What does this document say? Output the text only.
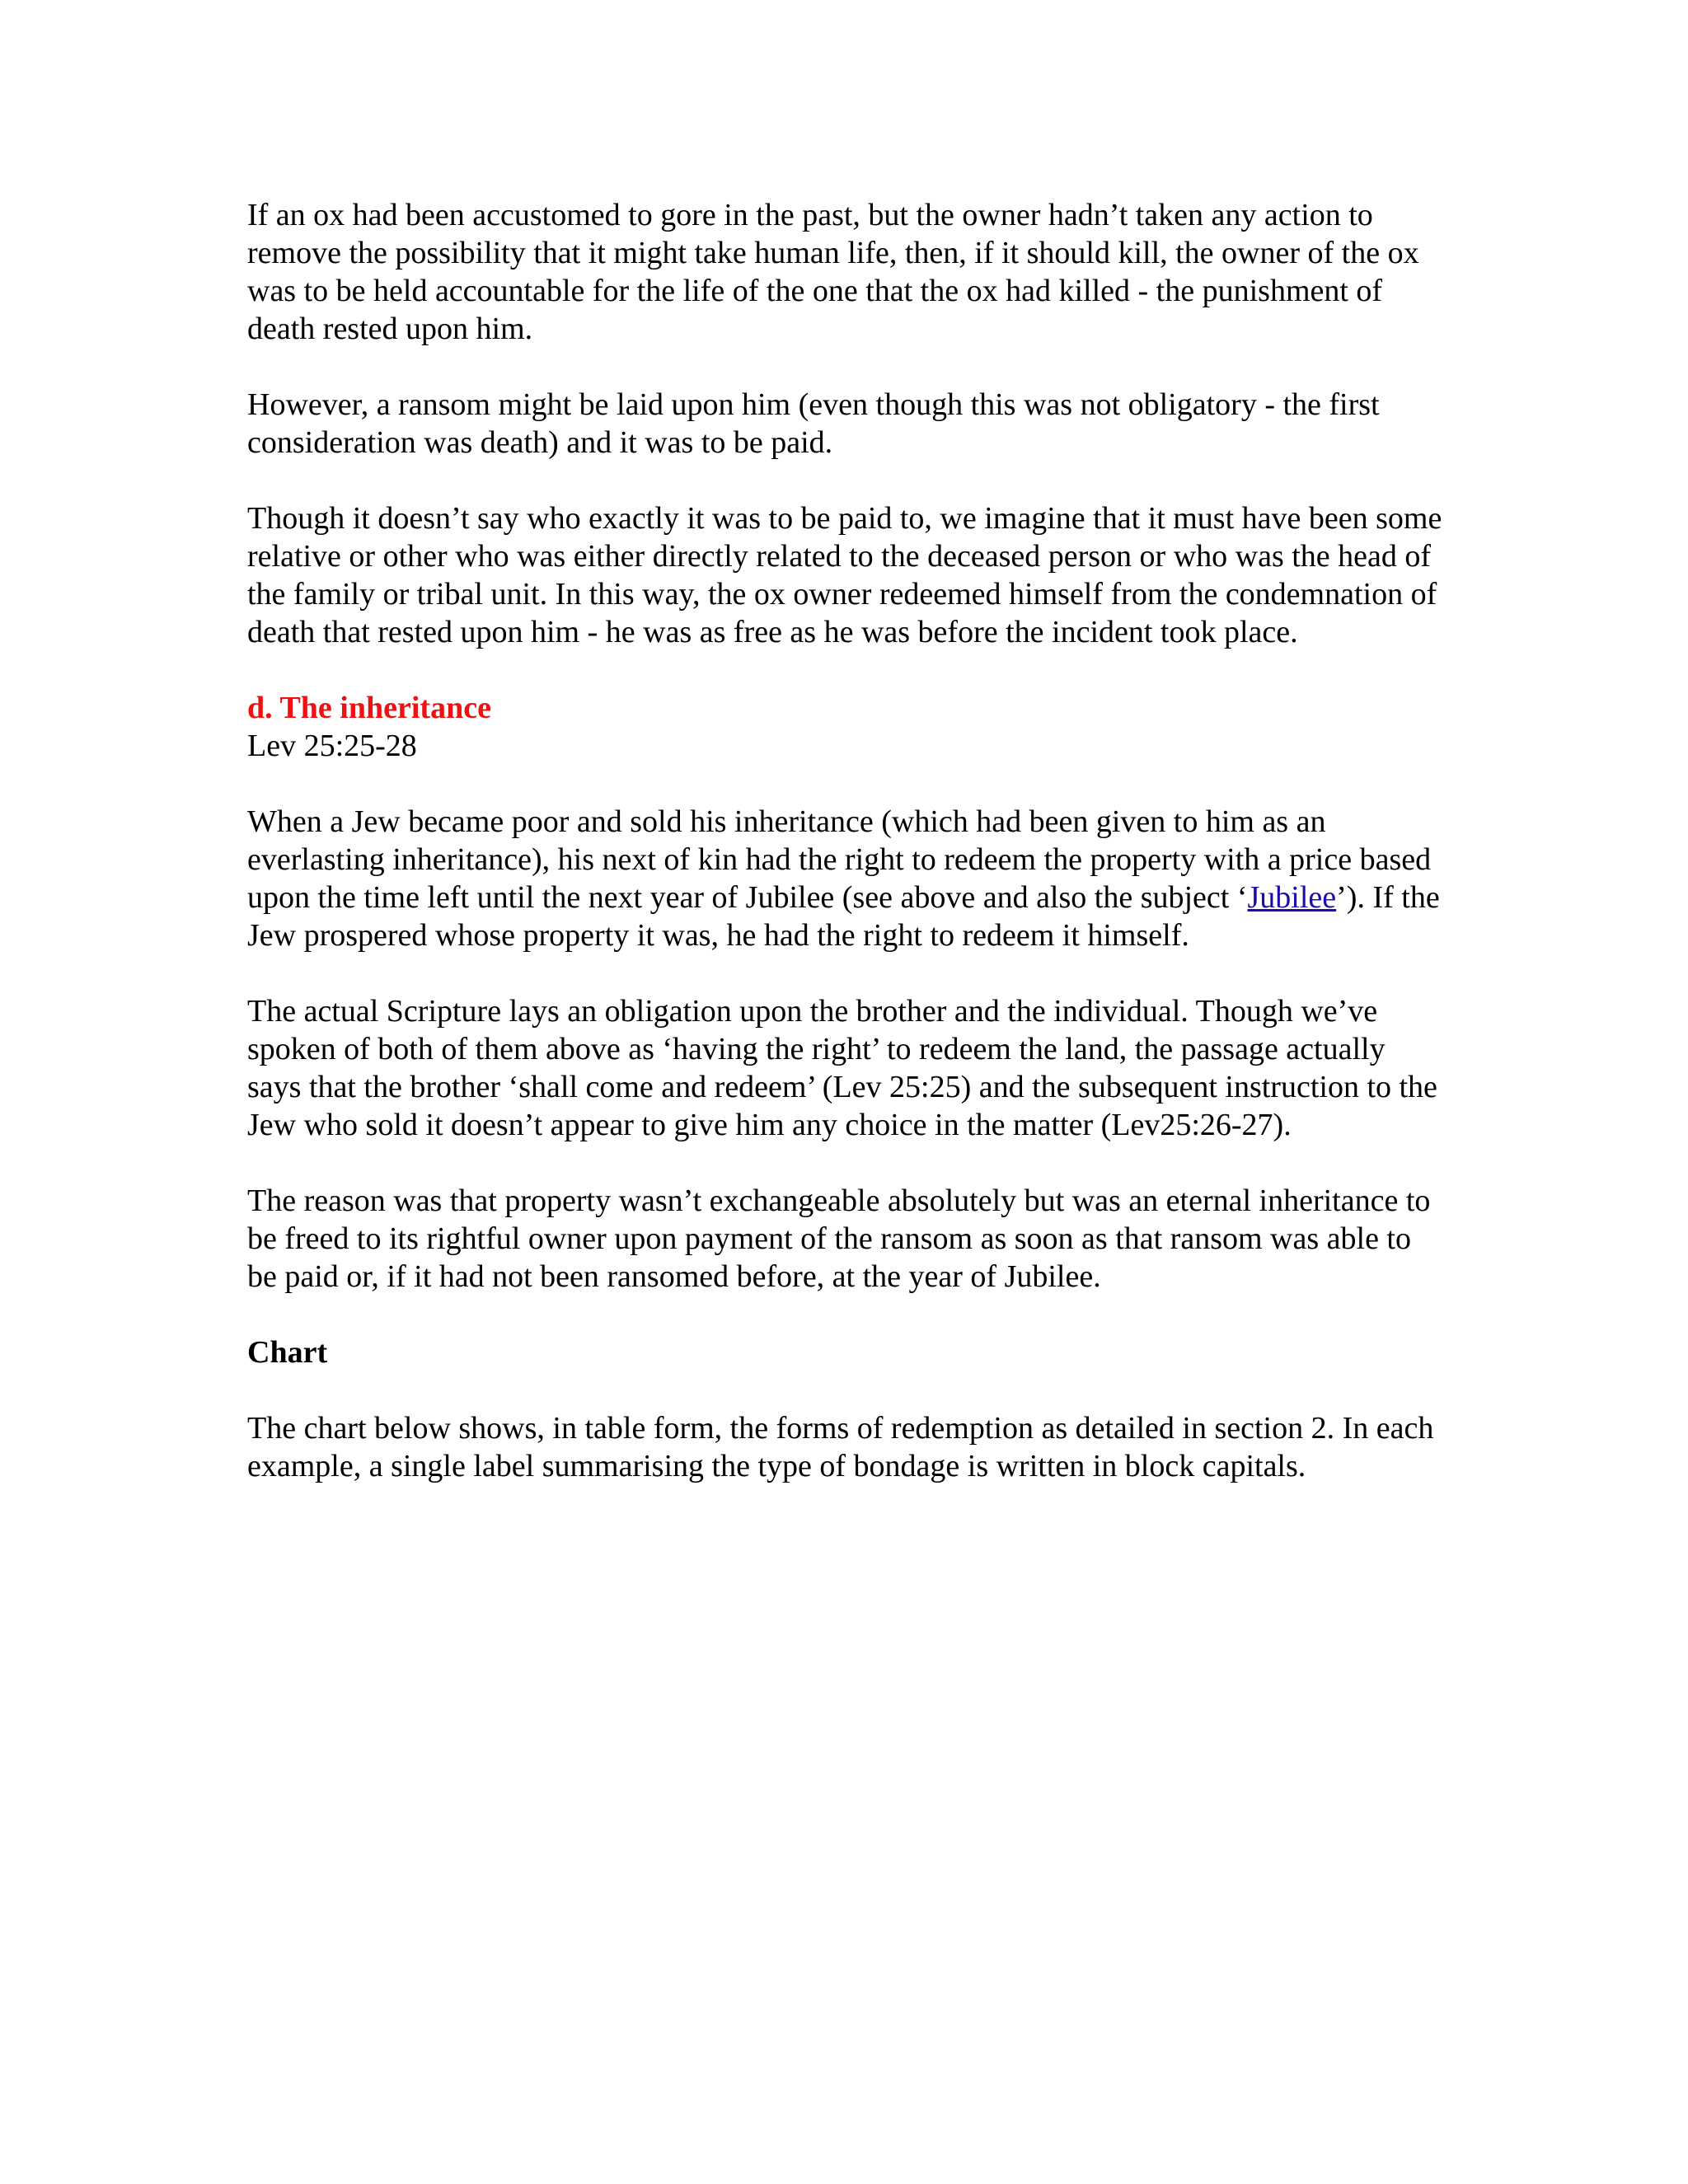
If an ox had been accustomed to gore in the past, but the owner hadn’t taken any action to remove the possibility that it might take human life, then, if it should kill, the owner of the ox was to be held accountable for the life of the one that the ox had killed - the punishment of death rested upon him.

However, a ransom might be laid upon him (even though this was not obligatory - the first consideration was death) and it was to be paid.

Though it doesn’t say who exactly it was to be paid to, we imagine that it must have been some relative or other who was either directly related to the deceased person or who was the head of the family or tribal unit. In this way, the ox owner redeemed himself from the condemnation of death that rested upon him - he was as free as he was before the incident took place.

d. The inheritance
Lev 25:25-28

When a Jew became poor and sold his inheritance (which had been given to him as an everlasting inheritance), his next of kin had the right to redeem the property with a price based upon the time left until the next year of Jubilee (see above and also the subject ‘Jubilee’). If the Jew prospered whose property it was, he had the right to redeem it himself.

The actual Scripture lays an obligation upon the brother and the individual. Though we’ve spoken of both of them above as ‘having the right’ to redeem the land, the passage actually says that the brother ‘shall come and redeem’ (Lev 25:25) and the subsequent instruction to the Jew who sold it doesn’t appear to give him any choice in the matter (Lev25:26-27).

The reason was that property wasn’t exchangeable absolutely but was an eternal inheritance to be freed to its rightful owner upon payment of the ransom as soon as that ransom was able to be paid or, if it had not been ransomed before, at the year of Jubilee.

Chart

The chart below shows, in table form, the forms of redemption as detailed in section 2. In each example, a single label summarising the type of bondage is written in block capitals.
